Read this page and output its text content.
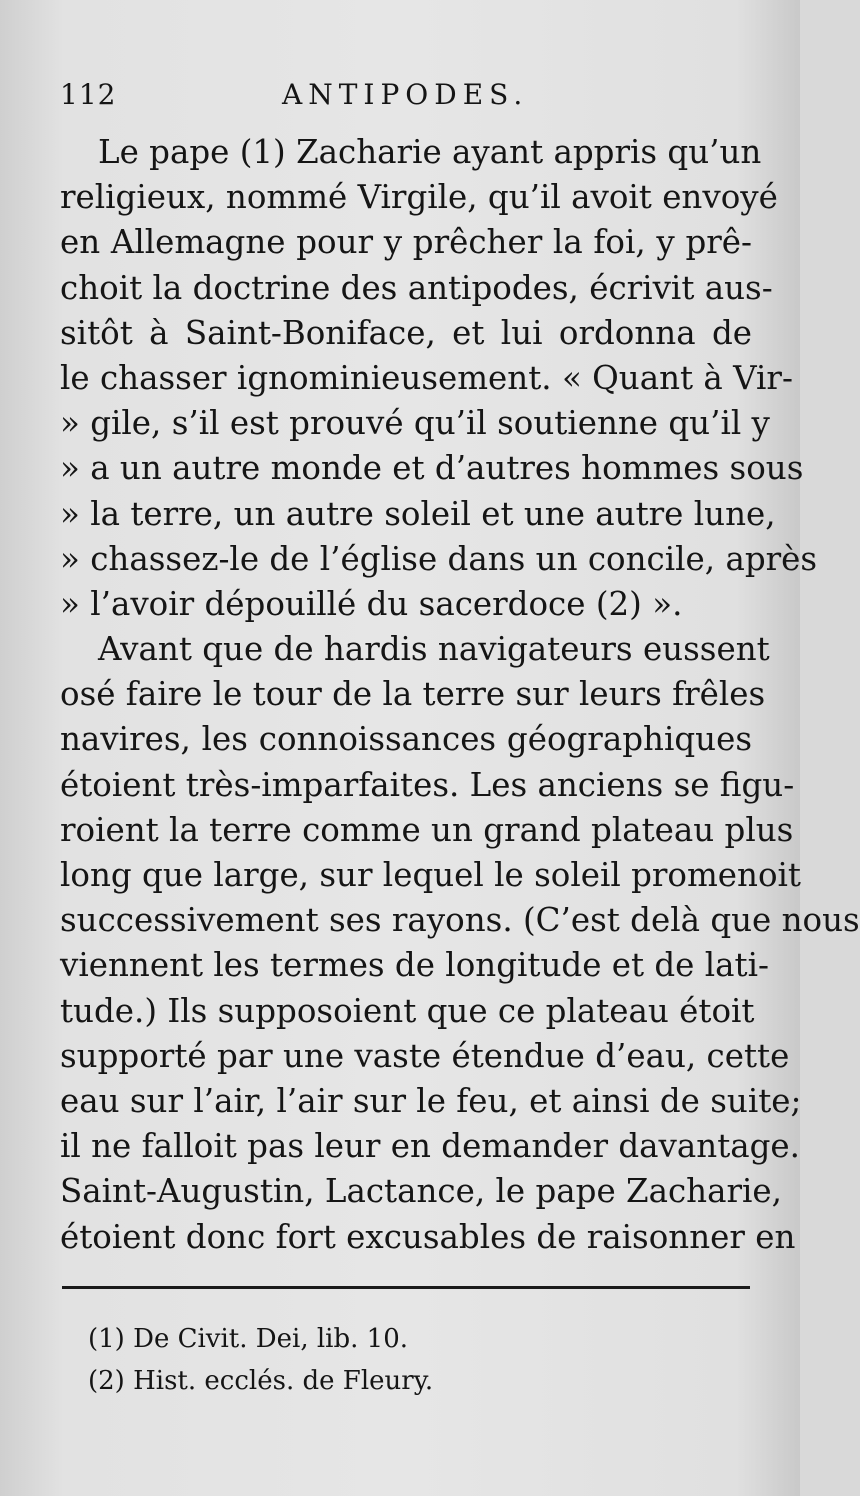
112	ANTIPODES.
Le pape (1) Zacharie ayant appris qu’un
religieux, nommé Virgile, qu’il avoit envoyé
en Allemagne pour y prêcher la foi, y prê-
choit la doctrine des antipodes, écrivit aus-
sitôt à Saint-Boniface, et lui ordonna de
le chasser ignominieusement. « Quant à Vir-
» gile, s’il est prouvé qu’il soutienne qu’il y
» a un autre monde et d’autres hommes sous
» la terre, un autre soleil et une autre lune,
» chassez-le de l’église dans un concile, après
» l’avoir dépouillé du sacerdoce (2) ».
Avant que de hardis navigateurs eussent
osé faire le tour de la terre sur leurs frêles
navires, les connoissances géographiques
étoient très-imparfaites. Les anciens se figu-
roient la terre comme un grand plateau plus
long que large, sur lequel le soleil promenoit
successivement ses rayons. (C’est delà que nous
viennent les termes de longitude et de lati-
tude.) Ils supposoient que ce plateau étoit
supporté par une vaste étendue d’eau, cette
eau sur l’air, l’air sur le feu, et ainsi de suite;
il ne falloit pas leur en demander davantage.
Saint-Augustin, Lactance, le pape Zacharie,
étoient donc fort excusables de raisonner en
(1) De Civit. Dei, lib. 10.
(2) Hist. ecclés. de Fleury.
